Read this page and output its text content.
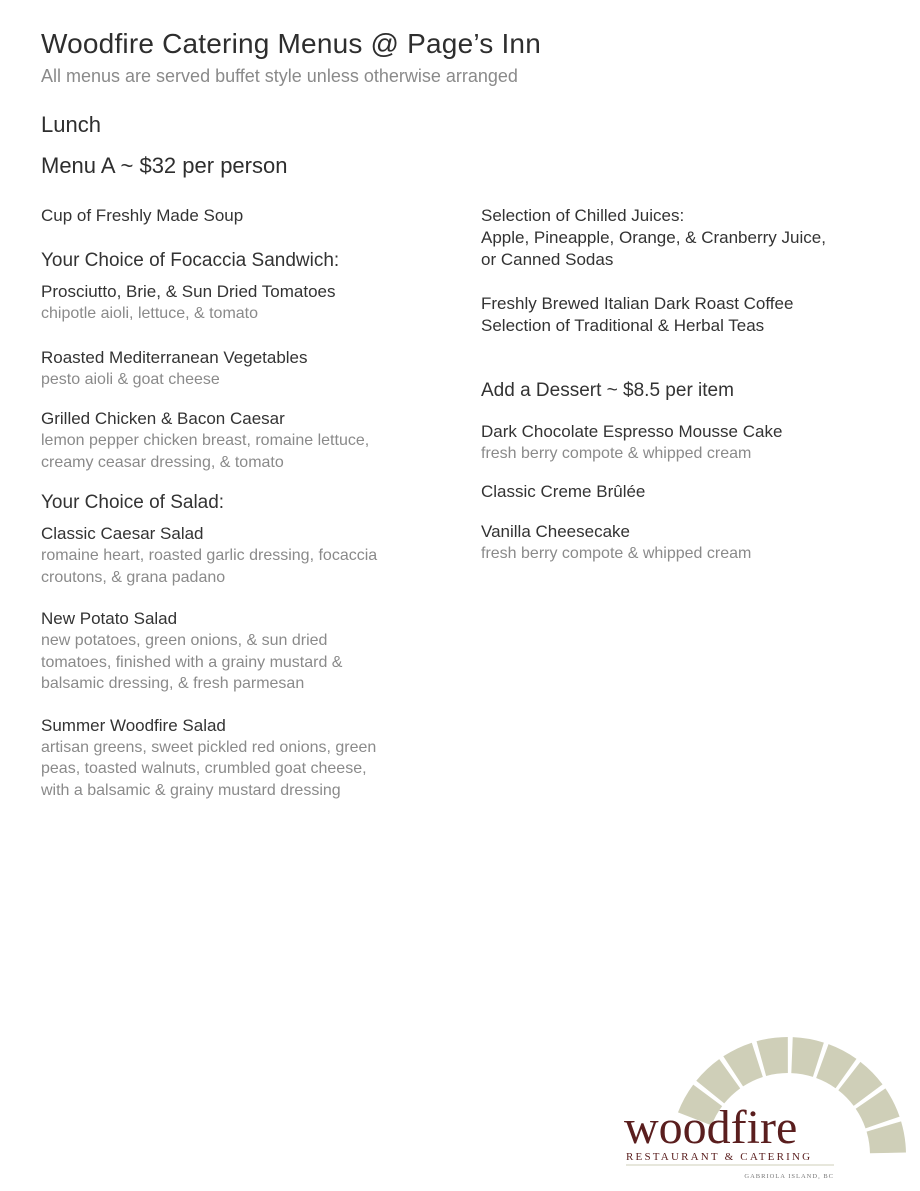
Woodfire Catering Menus @ Page’s Inn
All menus are served buffet style unless otherwise arranged
Lunch
Menu A ~ $32 per person
Cup of Freshly Made Soup
Your Choice of Focaccia Sandwich:
Prosciutto, Brie, & Sun Dried Tomatoes
chipotle aioli, lettuce, & tomato
Roasted Mediterranean Vegetables
pesto aioli & goat cheese
Grilled Chicken & Bacon Caesar
lemon pepper chicken breast, romaine lettuce,
creamy ceasar dressing, & tomato
Your Choice of Salad:
Classic Caesar Salad
romaine heart, roasted garlic dressing, focaccia
croutons, & grana padano
New Potato Salad
new potatoes, green onions, & sun dried
tomatoes, finished with a grainy mustard &
balsamic dressing, & fresh parmesan
Summer Woodfire Salad
artisan greens, sweet pickled red onions, green
peas, toasted walnuts, crumbled goat cheese,
with a balsamic & grainy mustard dressing
Selection of Chilled Juices:
Apple, Pineapple, Orange, & Cranberry Juice,
or Canned Sodas
Freshly Brewed Italian Dark Roast Coffee
Selection of Traditional & Herbal Teas
Add a Dessert ~ $8.5 per item
Dark Chocolate Espresso Mousse Cake
fresh berry compote & whipped cream
Classic Creme Brûlée
Vanilla Cheesecake
fresh berry compote & whipped cream
woodfire
RESTAURANT & CATERING
GABRIOLA ISLAND, BC
